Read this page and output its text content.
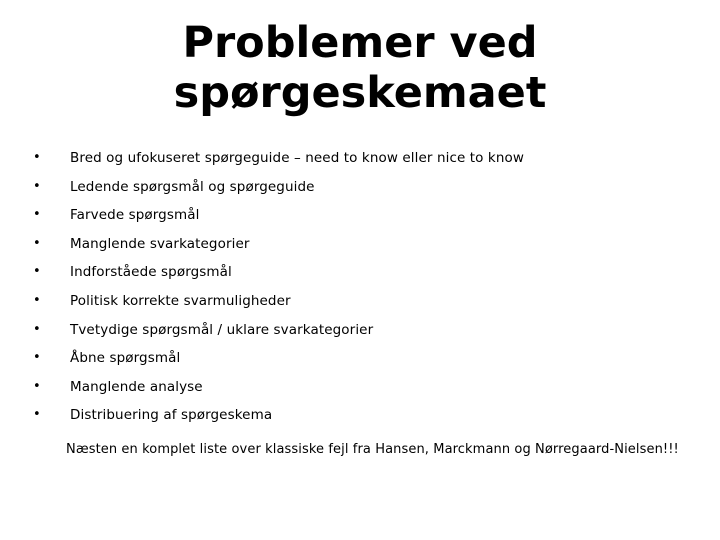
Problemer ved
spørgeskemaet
• Bred og ufokuseret spørgeguide – need to know eller nice to know
• Ledende spørgsmål og spørgeguide
• Farvede spørgsmål
• Manglende svarkategorier
• Indforståede spørgsmål
• Politisk korrekte svarmuligheder
• Tvetydige spørgsmål / uklare svarkategorier
• Åbne spørgsmål
• Manglende analyse
• Distribuering af spørgeskema
Næsten en komplet liste over klassiske fejl fra Hansen, Marckmann og Nørregaard-Nielsen!!!
